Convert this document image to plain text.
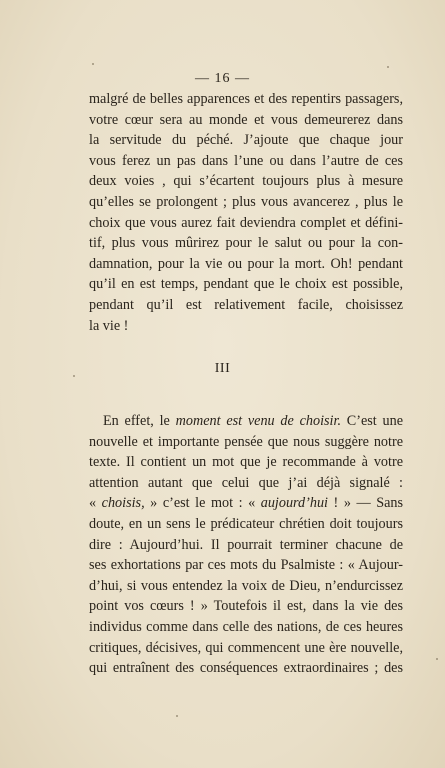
— 16 —
malgré de belles apparences et des repentirs passagers,
votre cœur sera au monde et vous demeurerez dans
la servitude du péché. J’ajoute que chaque jour
vous ferez un pas dans l’une ou dans l’autre de ces
deux voies , qui s’écartent toujours plus à mesure
qu’elles se prolongent ; plus vous avancerez , plus le
choix que vous aurez fait deviendra complet et défini-
tif, plus vous mûrirez pour le salut ou pour la con-
damnation, pour la vie ou pour la mort. Oh! pendant
qu’il en est temps, pendant que le choix est possible,
pendant qu’il est relativement facile, choisissez
la vie !
III
En effet, le moment est venu de choisir. C’est une
nouvelle et importante pensée que nous suggère notre
texte. Il contient un mot que je recommande à votre
attention autant que celui que j’ai déjà signalé :
« choisis, » c’est le mot : « aujourd’hui ! » — Sans
doute, en un sens le prédicateur chrétien doit toujours
dire : Aujourd’hui. Il pourrait terminer chacune de
ses exhortations par ces mots du Psalmiste : « Aujour-
d’hui, si vous entendez la voix de Dieu, n’endurcissez
point vos cœurs ! » Toutefois il est, dans la vie des
individus comme dans celle des nations, de ces heures
critiques, décisives, qui commencent une ère nouvelle,
qui entraînent des conséquences extraordinaires ; des
